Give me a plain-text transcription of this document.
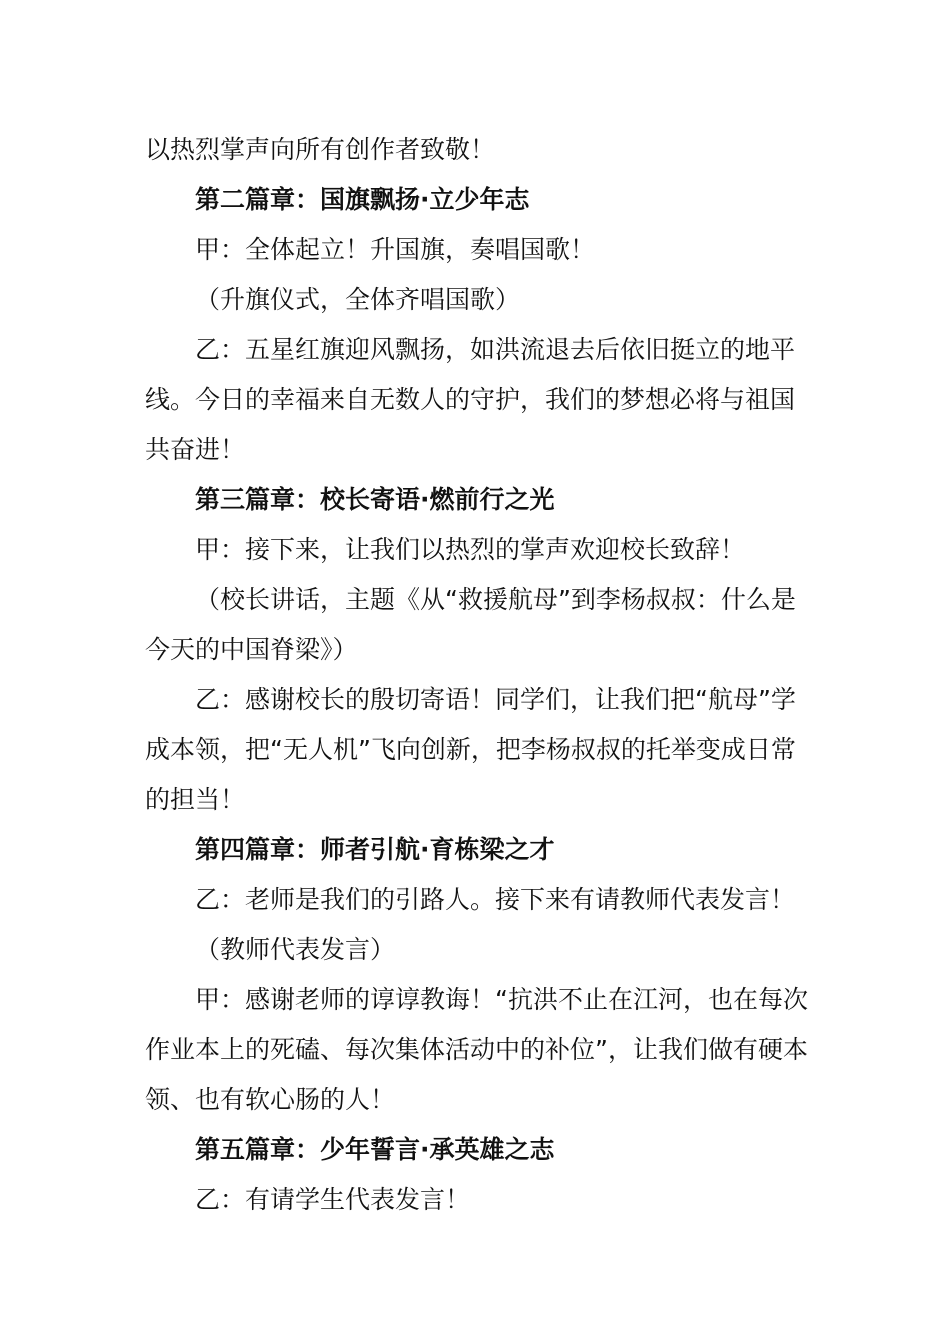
以热烈掌声向所有创作者致敬！

第二篇章：国旗飘扬·立少年志

甲：全体起立！升国旗，奏唱国歌！

（升旗仪式，全体齐唱国歌）

乙：五星红旗迎风飘扬，如洪流退去后依旧挺立的地平线。今日的幸福来自无数人的守护，我们的梦想必将与祖国共奋进！

第三篇章：校长寄语·燃前行之光

甲：接下来，让我们以热烈的掌声欢迎校长致辞！

（校长讲话，主题《从“救援航母”到李杨叔叔：什么是今天的中国脊梁》）

乙：感谢校长的殷切寄语！同学们，让我们把“航母”学成本领，把“无人机”飞向创新，把李杨叔叔的托举变成日常的担当！

第四篇章：师者引航·育栋梁之才

乙：老师是我们的引路人。接下来有请教师代表发言！

（教师代表发言）

甲：感谢老师的谆谆教诲！“抗洪不止在江河，也在每次作业本上的死磕、每次集体活动中的补位”，让我们做有硬本领、也有软心肠的人！

第五篇章：少年誓言·承英雄之志

乙：有请学生代表发言！
